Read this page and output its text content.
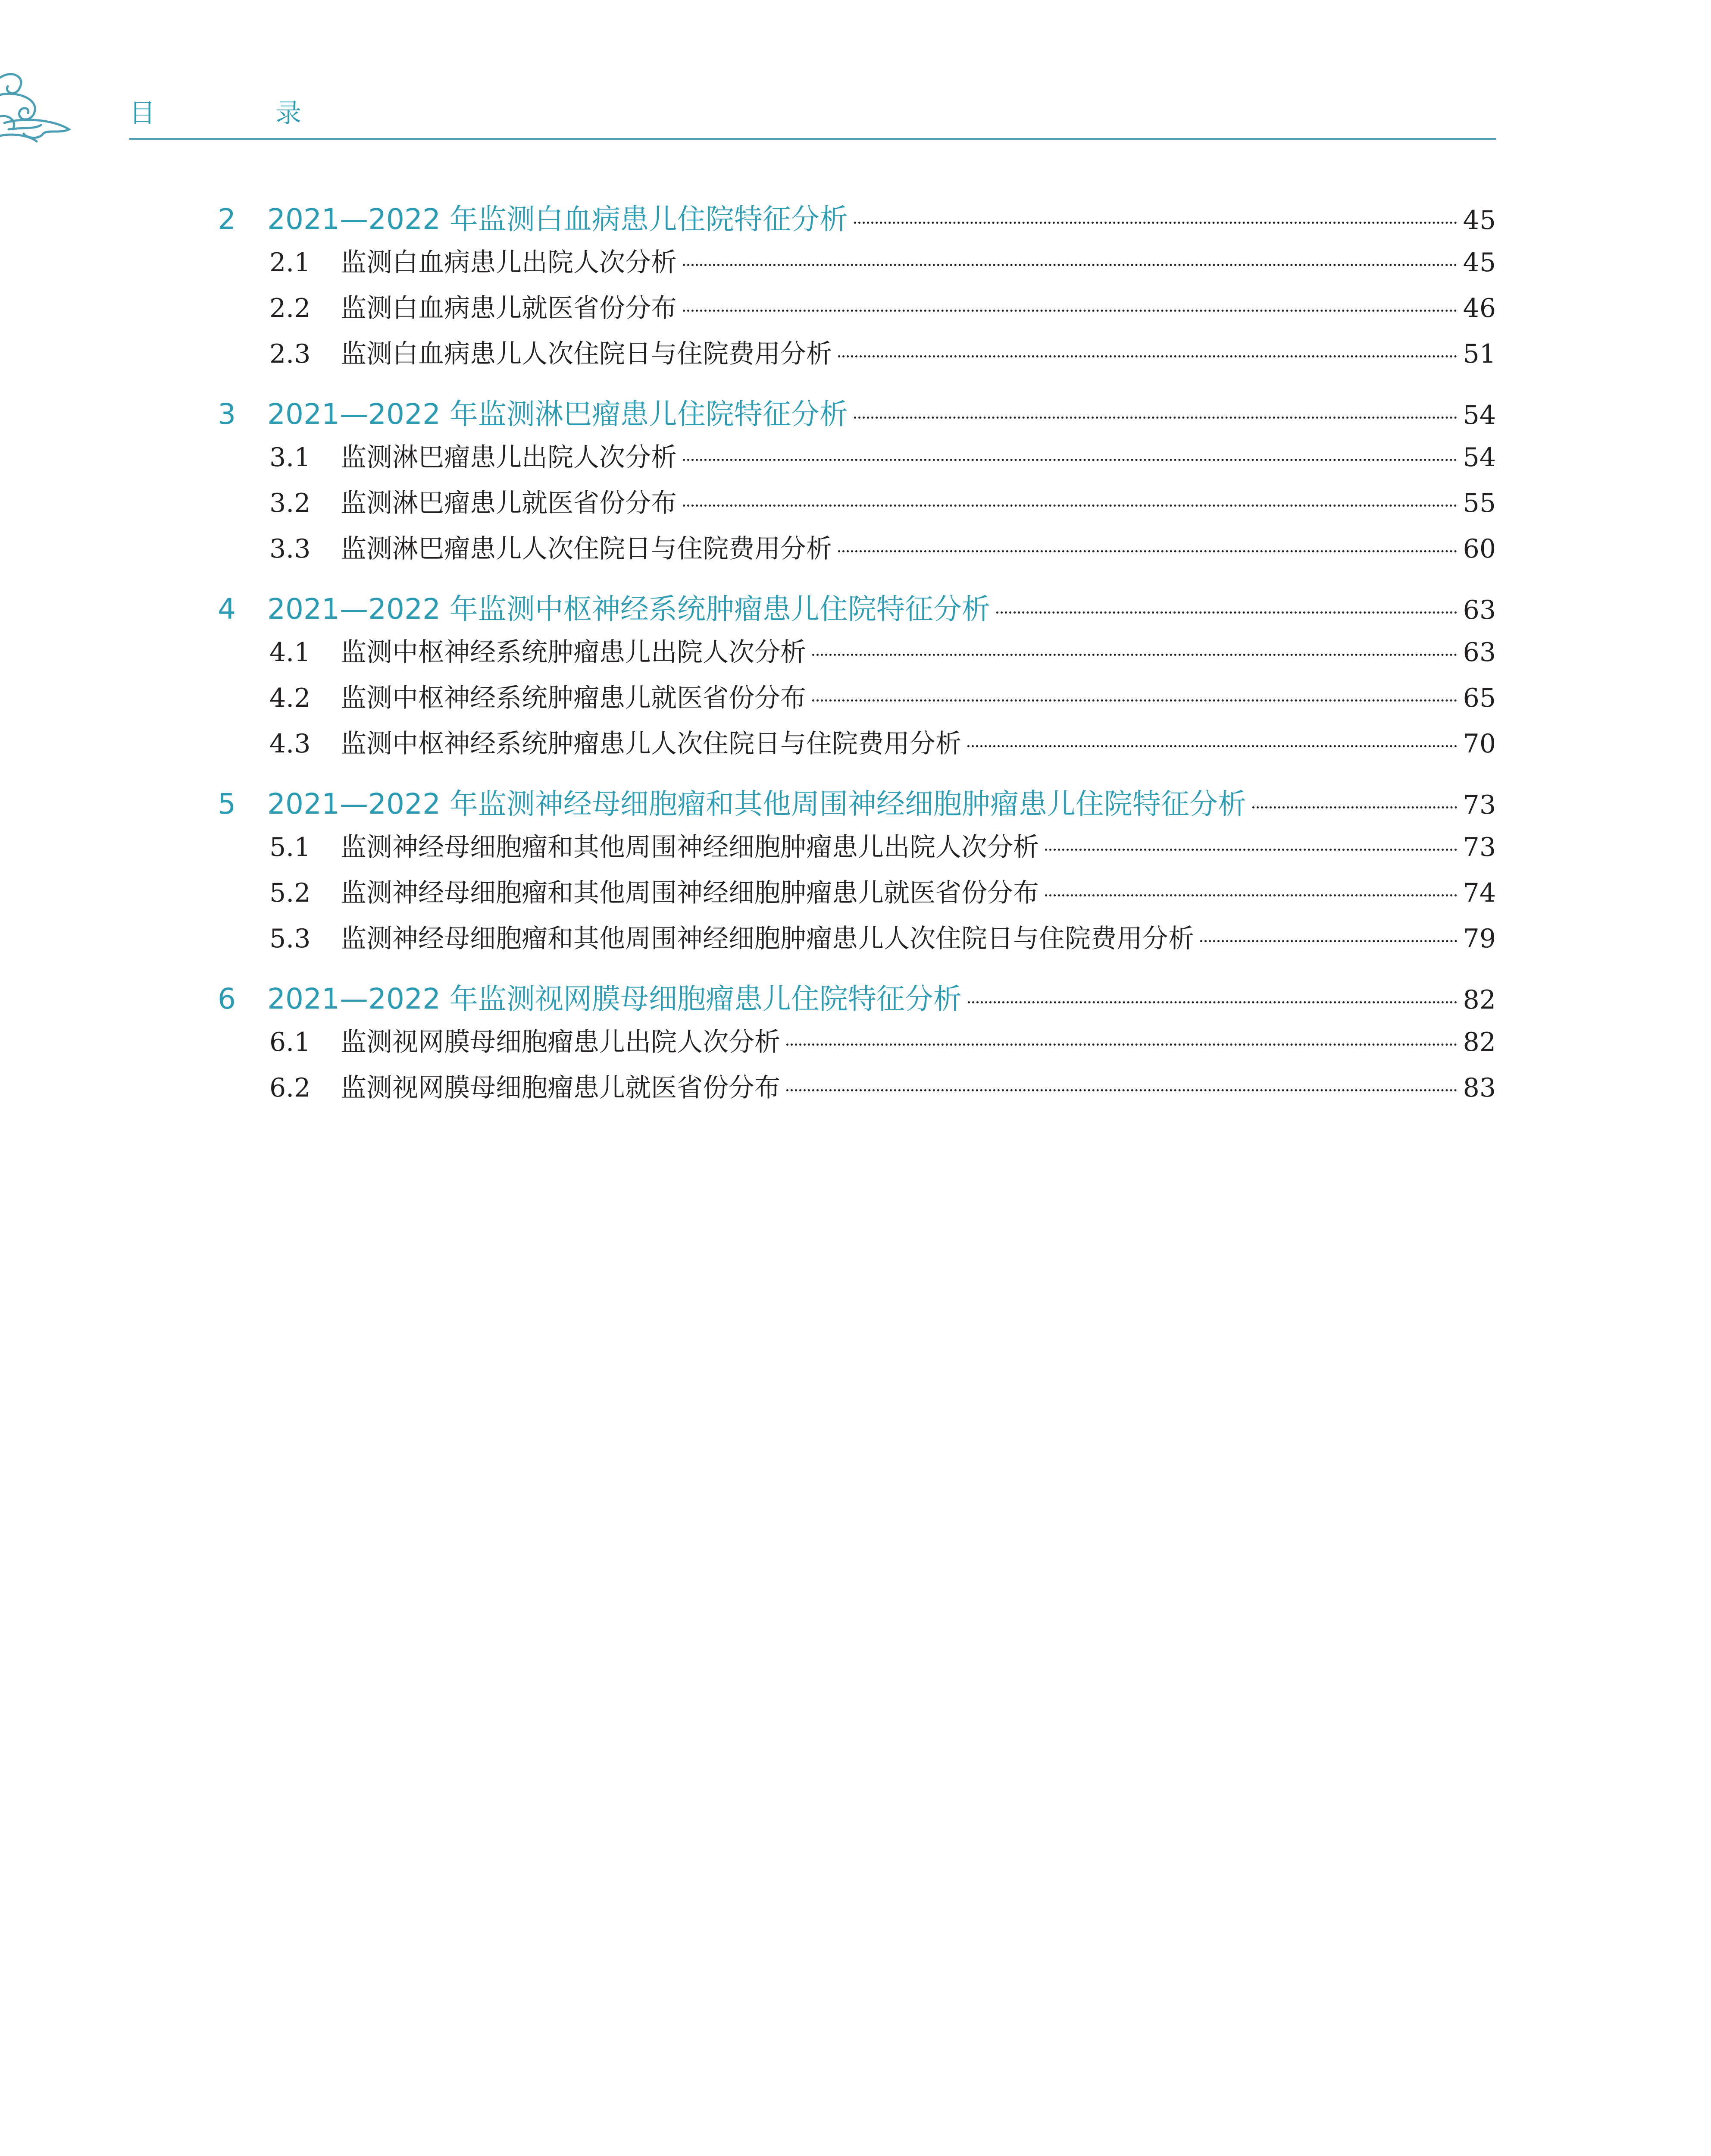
目 录
2	2021—2022 年监测白血病患儿住院特征分析	45
2.1	监测白血病患儿出院人次分析	45
2.2	监测白血病患儿就医省份分布	46
2.3	监测白血病患儿人次住院日与住院费用分析	51
3	2021—2022 年监测淋巴瘤患儿住院特征分析	54
3.1	监测淋巴瘤患儿出院人次分析	54
3.2	监测淋巴瘤患儿就医省份分布	55
3.3	监测淋巴瘤患儿人次住院日与住院费用分析	60
4	2021—2022 年监测中枢神经系统肿瘤患儿住院特征分析	63
4.1	监测中枢神经系统肿瘤患儿出院人次分析	63
4.2	监测中枢神经系统肿瘤患儿就医省份分布	65
4.3	监测中枢神经系统肿瘤患儿人次住院日与住院费用分析	70
5	2021—2022 年监测神经母细胞瘤和其他周围神经细胞肿瘤患儿住院特征分析	73
5.1	监测神经母细胞瘤和其他周围神经细胞肿瘤患儿出院人次分析	73
5.2	监测神经母细胞瘤和其他周围神经细胞肿瘤患儿就医省份分布	74
5.3	监测神经母细胞瘤和其他周围神经细胞肿瘤患儿人次住院日与住院费用分析	79
6	2021—2022 年监测视网膜母细胞瘤患儿住院特征分析	82
6.1	监测视网膜母细胞瘤患儿出院人次分析	82
6.2	监测视网膜母细胞瘤患儿就医省份分布	83
